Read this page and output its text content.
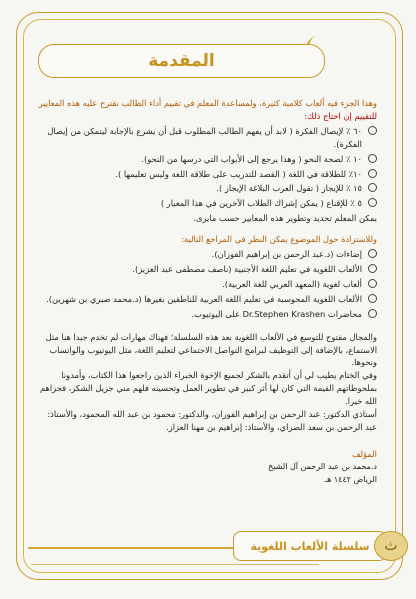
المقدمة
وهذا الجزء فيه ألعاب كلامية كثيرة، ولمساعدة المعلم في تقييم أداء الطالب نقترح عليه هذه المعايير
للتقييم إن احتاج ذلك:
٦٠ ٪ لإيصال الفكرة ( لابد أن يفهم الطالب المطلوب قبل أن يشرع بالإجابة ليتمكن من إيصال الفكرة).
١٠ ٪ لصحة النحو ( وهذا يرجع إلى الأبواب التي درسها من النحو).
١٠٪ للطلاقة في اللغة ( القصد للتدريب على طلاقة اللغة وليس تعليمها ).
١٥ ٪ للإيجاز ( تقول العرب البلاغة الإيجاز ).
٥ ٪ للإقناع ( يمكن إشراك الطلاب الآخرين في هذا المعيار )
يمكن المعلم تحديد وتطوير هذه المعايير حسب مايرى.
وللاستزادة حول الموضوع يمكن النظر في المراجع التالية:
إضاءات (د.عبد الرحمن بن إبراهيم الفوزان).
الألعاب اللغوية في تعليم اللغة الأجنبية (ناصف مصطفى عبد العزيز).
ألعاب لغوية (المعهد العربي للغة العربية).
الألعاب اللغوية المحوسبة في تعليم اللغة العربية للناطقين بغيرها (د.محمد صبري بن شهرين).
محاضرات Dr.Stephen Krashen على اليوتيوب.
والمجال مفتوح للتوسع في الألعاب اللغوية بعد هذه السلسلة؛ فهناك مهارات لم تخدم جيدا هنا مثل الاستماع، بالإضافة إلى التوظيف لبرامج التواصل الاجتماعي لتعليم اللغة، مثل اليوتيوب والواتساب ونحوها.
وفي الختام يطيب لي أن أتقدم بالشكر لجميع الإخوة الخبراء الذين راجعوا هذا الكتاب، وأمدونا بملحوظاتهم القيمة التي كان لها أثر كبير في تطوير العمل وتحسينه فلهم مني جزيل الشكر، فجزاهم الله خيرا.
أستاذي الدكتور: عبد الرحمن بن إبراهيم الفوزان، والدكتور: محمود بن عبد الله المحمود، والأستاذ: عبد الرحمن بن سعد الصراي، والأستاذ: إبراهيم بن مهنا العزاز.
المؤلف
د.محمد بن عبد الرحمن آل الشيخ
الرياض ١٤٤٢ هـ
سلسلة الألعاب اللغوية ث
